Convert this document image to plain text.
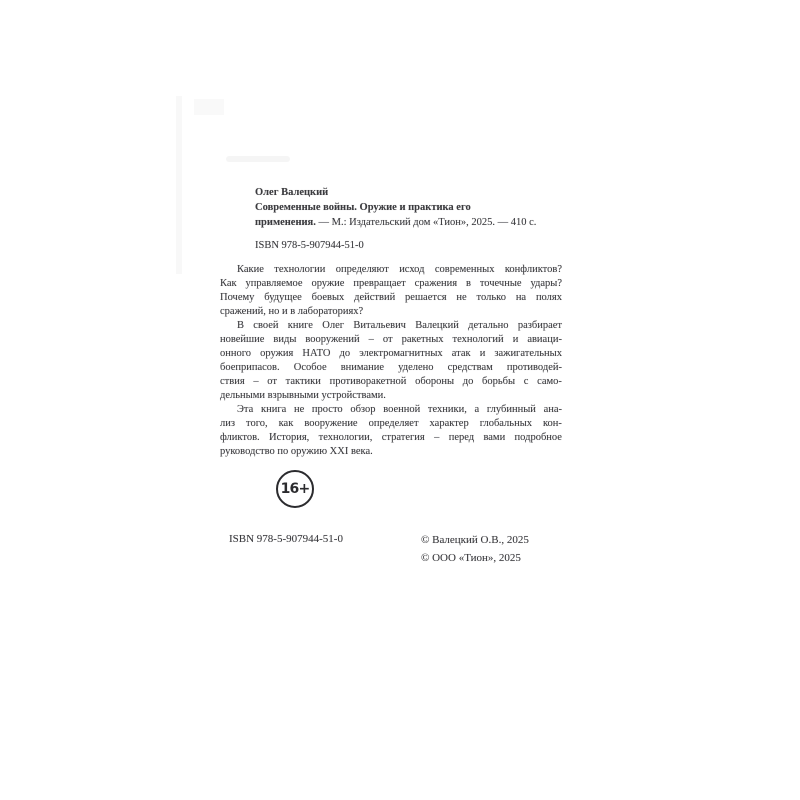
Олег Валецкий
Современные войны. Оружие и практика его
применения. — М.: Издательский дом «Тион», 2025. — 410 с.
ISBN 978-5-907944-51-0
Какие технологии определяют исход современных конфликтов?
Как управляемое оружие превращает сражения в точечные удары?
Почему будущее боевых действий решается не только на полях
сражений, но и в лабораториях?
В своей книге Олег Витальевич Валецкий детально разбирает
новейшие виды вооружений – от ракетных технологий и авиаци-
онного оружия НАТО до электромагнитных атак и зажигательных
боеприпасов. Особое внимание уделено средствам противодей-
ствия – от тактики противоракетной обороны до борьбы с само-
дельными взрывными устройствами.
Эта книга не просто обзор военной техники, а глубинный ана-
лиз того, как вооружение определяет характер глобальных кон-
фликтов. История, технологии, стратегия – перед вами подробное
руководство по оружию XXI века.
16+
ISBN 978-5-907944-51-0	© Валецкий О.В., 2025
© ООО «Тион», 2025
